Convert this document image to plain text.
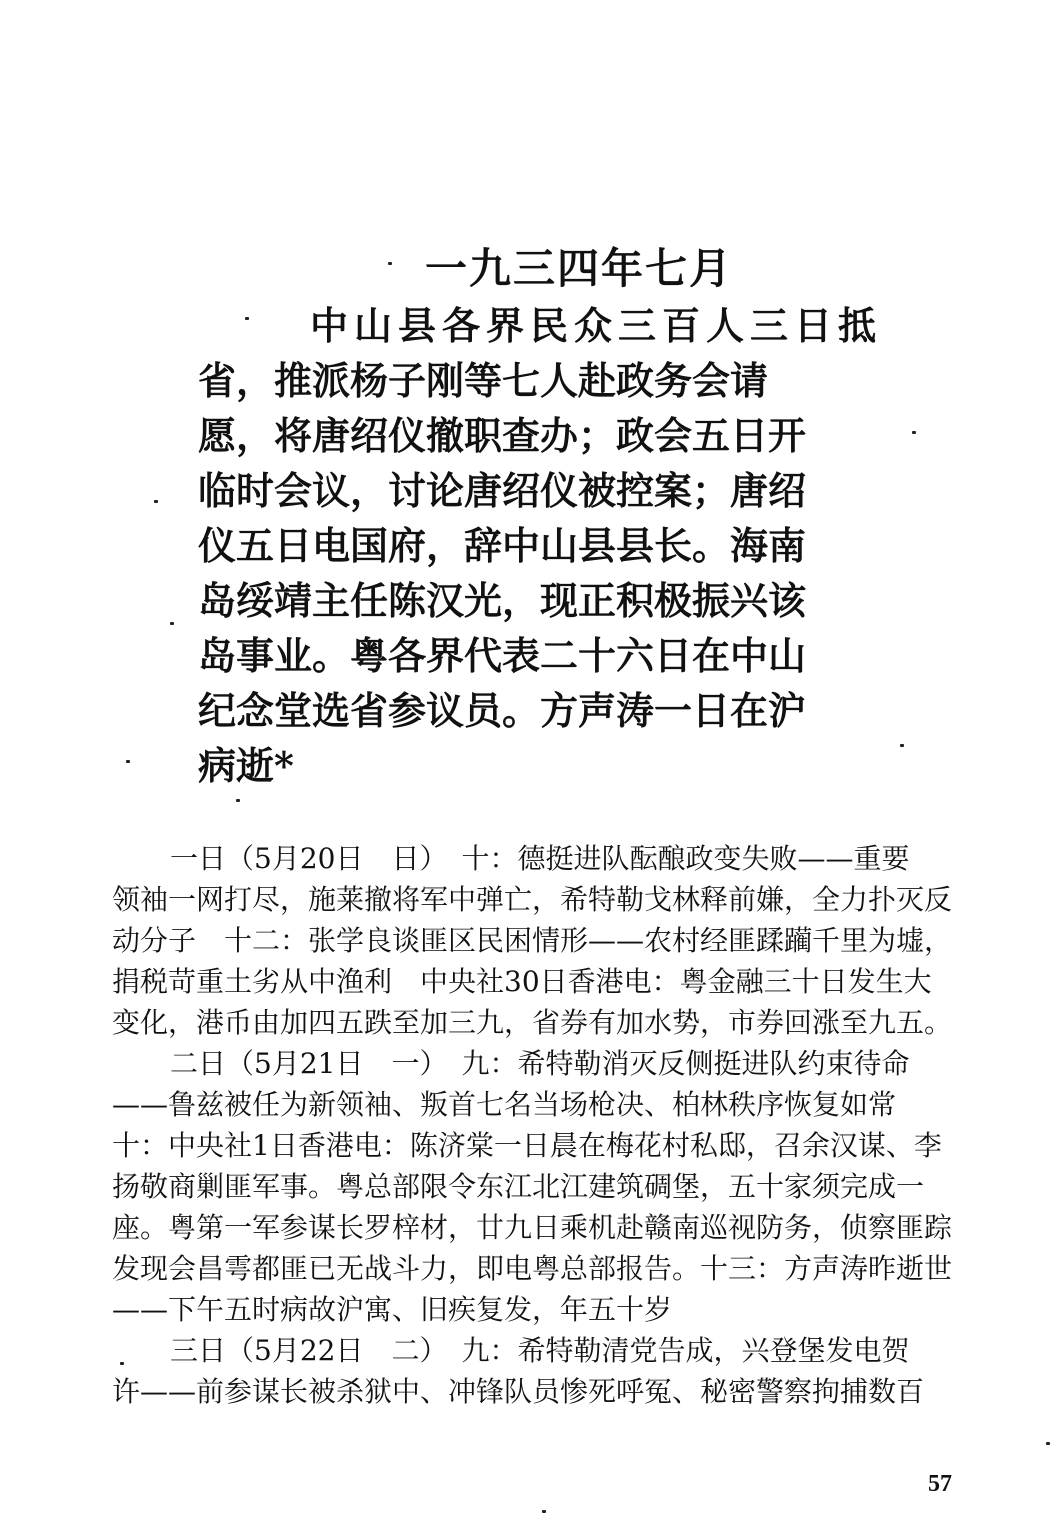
一九三四年七月
中山县各界民众三百人三日抵
省，推派杨子刚等七人赴政务会请
愿，将唐绍仪撤职查办；政会五日开
临时会议，讨论唐绍仪被控案；唐绍
仪五日电国府，辞中山县县长。海南
岛绥靖主任陈汉光，现正积极振兴该
岛事业。粤各界代表二十六日在中山
纪念堂选省参议员。方声涛一日在沪
病逝*
一日（5月20日　日）　十：德挺进队酝酿政变失败——重要
领袖一网打尽，施莱撤将军中弹亡，希特勒戈林释前嫌，全力扑灭反
动分子　十二：张学良谈匪区民困情形——农村经匪蹂躏千里为墟，
捐税苛重土劣从中渔利　中央社30日香港电：粤金融三十日发生大
变化，港币由加四五跌至加三九，省券有加水势，市券回涨至九五。
二日（5月21日　一）　九：希特勒消灭反侧挺进队约束待命
——鲁兹被任为新领袖、叛首七名当场枪决、柏林秩序恢复如常
十：中央社1日香港电：陈济棠一日晨在梅花村私邸，召余汉谋、李
扬敬商剿匪军事。粤总部限令东江北江建筑碉堡，五十家须完成一
座。粤第一军参谋长罗梓材，廿九日乘机赴赣南巡视防务，侦察匪踪
发现会昌雩都匪已无战斗力，即电粤总部报告。十三：方声涛昨逝世
——下午五时病故沪寓、旧疾复发，年五十岁
三日（5月22日　二）　九：希特勒清党告成，兴登堡发电贺
许——前参谋长被杀狱中、冲锋队员惨死呼冤、秘密警察拘捕数百
57
